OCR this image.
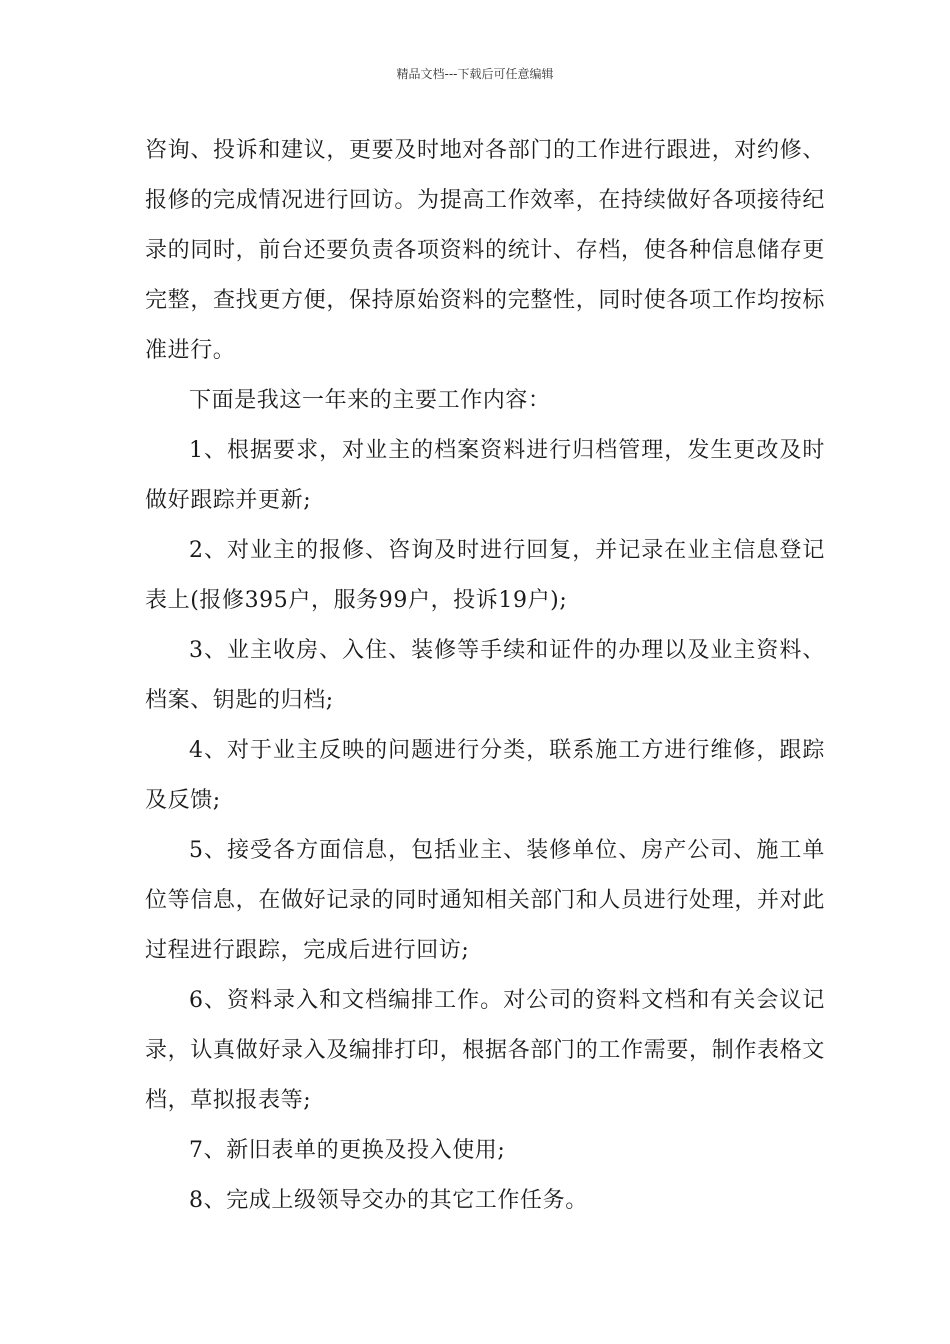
精品文档---下载后可任意编辑

咨询、投诉和建议，更要及时地对各部门的工作进行跟进，对约修、报修的完成情况进行回访。为提高工作效率，在持续做好各项接待纪录的同时，前台还要负责各项资料的统计、存档，使各种信息储存更完整，查找更方便，保持原始资料的完整性，同时使各项工作均按标准进行。

下面是我这一年来的主要工作内容：

1、根据要求，对业主的档案资料进行归档管理，发生更改及时做好跟踪并更新;

2、对业主的报修、咨询及时进行回复，并记录在业主信息登记表上(报修395户，服务99户，投诉19户);

3、业主收房、入住、装修等手续和证件的办理以及业主资料、档案、钥匙的归档;

4、对于业主反映的问题进行分类，联系施工方进行维修，跟踪及反馈;

5、接受各方面信息，包括业主、装修单位、房产公司、施工单位等信息，在做好记录的同时通知相关部门和人员进行处理，并对此过程进行跟踪，完成后进行回访;

6、资料录入和文档编排工作。对公司的资料文档和有关会议记录，认真做好录入及编排打印，根据各部门的工作需要，制作表格文档，草拟报表等;

7、新旧表单的更换及投入使用;

8、完成上级领导交办的其它工作任务。
